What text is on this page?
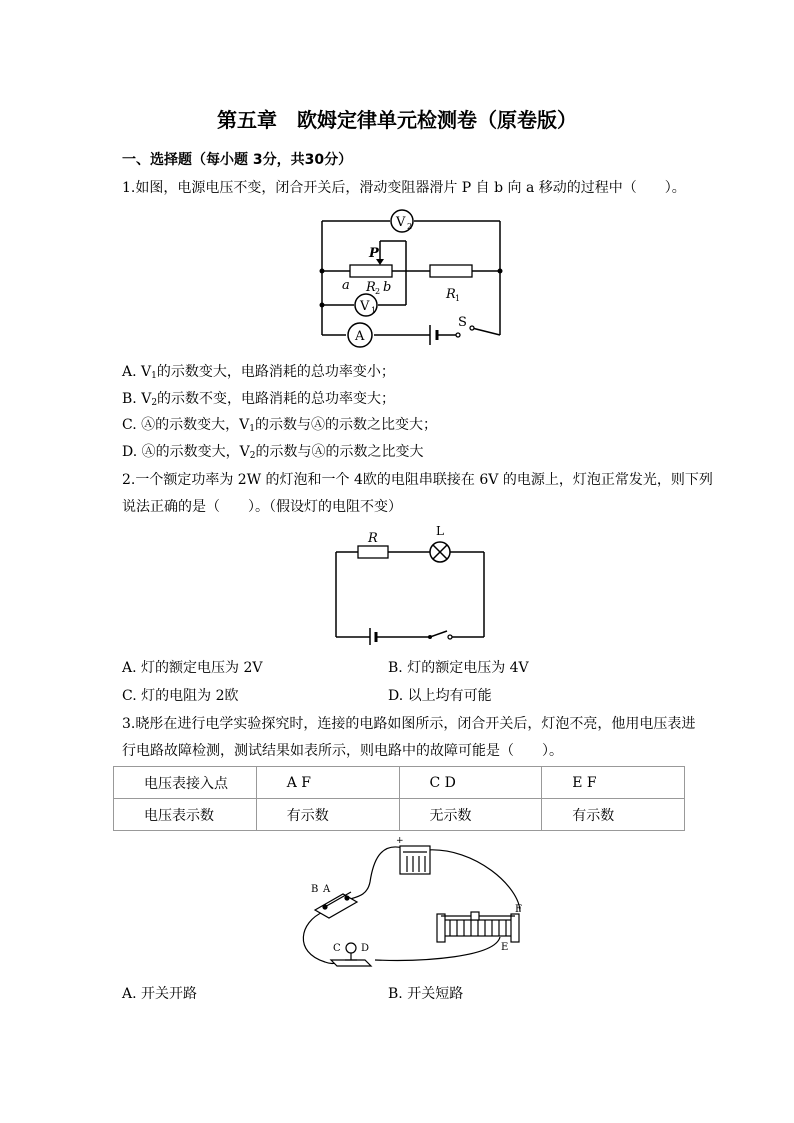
第五章　欧姆定律单元检测卷（原卷版）
一、选择题（每小题 3分，共30分）
1.如图，电源电压不变，闭合开关后，滑动变阻器滑片 P 自 b 向 a 移动的过程中（　　）。
V 2
V 1
A
P
a R 2 b	R 1
S
A. $V_1$的示数变大，电路消耗的总功率变小；
B. $V_2$的示数不变，电路消耗的总功率变大；
C. Ⓐ的示数变大，$V_1$的示数与Ⓐ的示数之比变大；
D. Ⓐ的示数变大，$V_2$的示数与Ⓐ的示数之比变大
2.一个额定功率为 2W 的灯泡和一个 4欧的电阻串联接在 6V 的电源上，灯泡正常发光，则下列
说法正确的是（　　）。（假设灯的电阻不变）
R	L
A. 灯的额定电压为 2V	B. 灯的额定电压为 4V
C. 灯的电阻为 2欧	D. 以上均有可能
3.晓彤在进行电学实验探究时，连接的电路如图所示，闭合开关后，灯泡不亮，他用电压表进
行电路故障检测，测试结果如表所示，则电路中的故障可能是（　　）。
电压表接入点	A F	C D	E F
电压表示数	有示数	无示数	有示数
+
B A
C D	E
F
A. 开关开路	B. 开关短路
